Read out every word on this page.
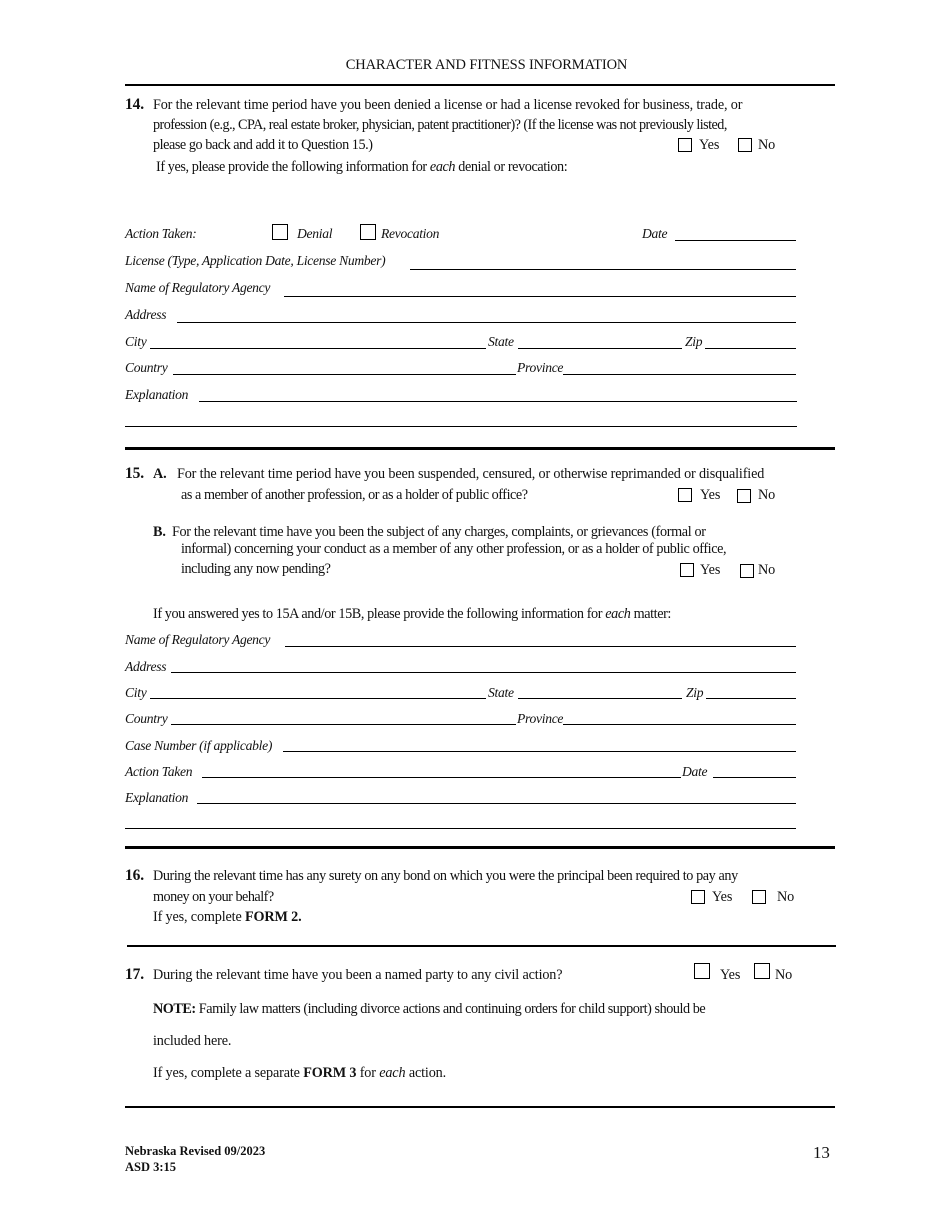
CHARACTER AND FITNESS INFORMATION
14. For the relevant time period have you been denied a license or had a license revoked for business, trade, or
profession (e.g., CPA, real estate broker, physician, patent practitioner)? (If the license was not previously listed,
please go back and add it to Question 15.)	Yes	No
If yes, please provide the following information for each denial or revocation:
Action Taken:	Denial	Revocation	Date
License (Type, Application Date, License Number)
Name of Regulatory Agency
Address
City	State	Zip
Country	Province
Explanation
15. A. For the relevant time period have you been suspended, censured, or otherwise reprimanded or disqualified
as a member of another profession, or as a holder of public office?	Yes	No
B. For the relevant time have you been the subject of any charges, complaints, or grievances (formal or
informal) concerning your conduct as a member of any other profession, or as a holder of public office,
including any now pending?	Yes	No
If you answered yes to 15A and/or 15B, please provide the following information for each matter:
Name of Regulatory Agency
Address
City	State	Zip
Country	Province
Case Number (if applicable)
Action Taken	Date
Explanation
16. During the relevant time has any surety on any bond on which you were the principal been required to pay any
money on your behalf?	Yes	No
If yes, complete FORM 2.
17. During the relevant time have you been a named party to any civil action?	Yes No
NOTE: Family law matters (including divorce actions and continuing orders for child support) should be
included here.
If yes, complete a separate FORM 3 for each action.
Nebraska Revised 09/2023
ASD 3:15
13
